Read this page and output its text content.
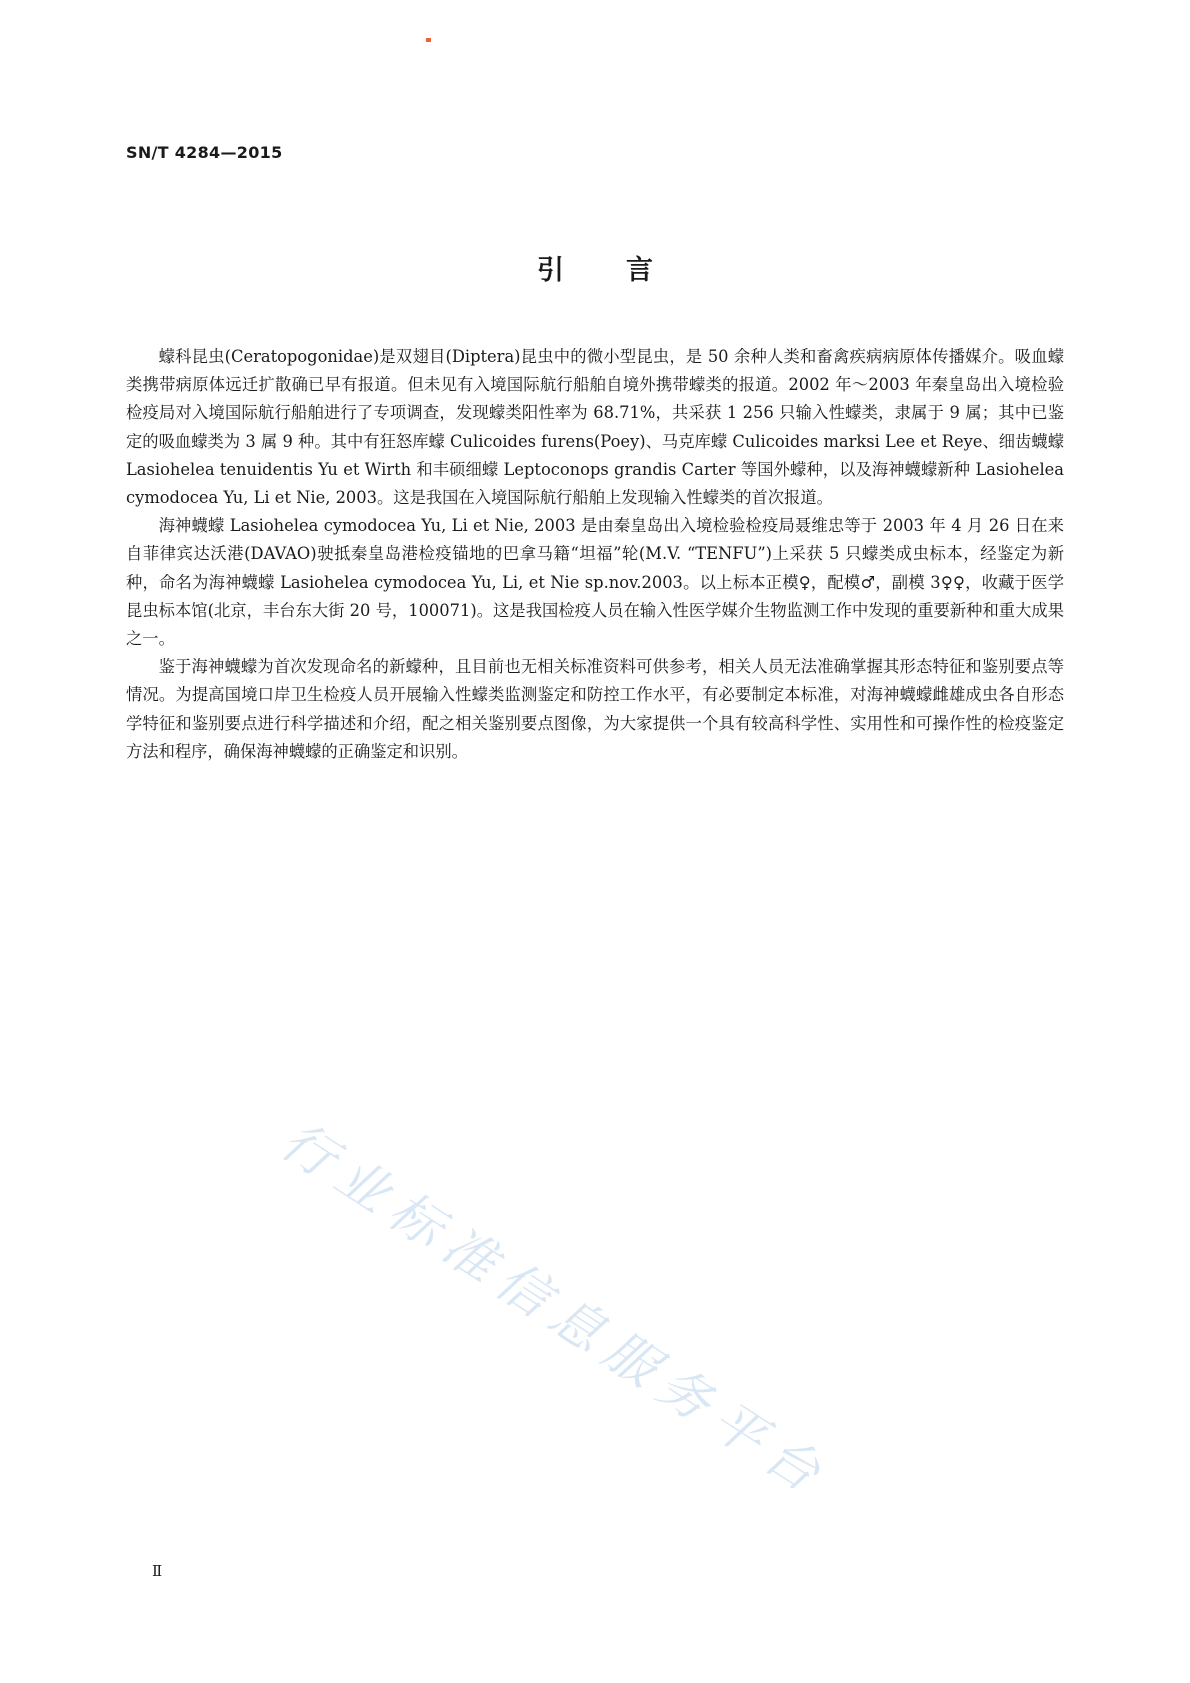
SN/T 4284—2015
引言

蠓科昆虫(Ceratopogonidae)是双翅目(Diptera)昆虫中的微小型昆虫，是 50 余种人类和畜禽疾病病原体传播媒介。吸血蠓类携带病原体远迁扩散确已早有报道。但未见有入境国际航行船舶自境外携带蠓类的报道。2002 年～2003 年秦皇岛出入境检验检疫局对入境国际航行船舶进行了专项调查，发现蠓类阳性率为 68.71%，共采获 1 256 只输入性蠓类，隶属于 9 属；其中已鉴定的吸血蠓类为 3 属 9 种。其中有狂怒库蠓 Culicoides furens(Poey)、马克库蠓 Culicoides marksi Lee et Reye、细齿蠛蠓 Lasiohelea tenuidentis Yu et Wirth 和丰硕细蠓 Leptoconops grandis Carter 等国外蠓种，以及海神蠛蠓新种 Lasiohelea cymodocea Yu, Li et Nie, 2003。这是我国在入境国际航行船舶上发现输入性蠓类的首次报道。

海神蠛蠓 Lasiohelea cymodocea Yu, Li et Nie, 2003 是由秦皇岛出入境检验检疫局聂维忠等于 2003 年 4 月 26 日在来自菲律宾达沃港(DAVAO)驶抵秦皇岛港检疫锚地的巴拿马籍“坦福”轮(M.V. “TENFU”)上采获 5 只蠓类成虫标本，经鉴定为新种，命名为海神蠛蠓 Lasiohelea cymodocea Yu, Li, et Nie sp.nov.2003。以上标本正模♀，配模♂，副模 3♀♀，收藏于医学昆虫标本馆(北京，丰台东大街 20 号，100071)。这是我国检疫人员在输入性医学媒介生物监测工作中发现的重要新种和重大成果之一。

鉴于海神蠛蠓为首次发现命名的新蠓种，且目前也无相关标准资料可供参考，相关人员无法准确掌握其形态特征和鉴别要点等情况。为提高国境口岸卫生检疫人员开展输入性蠓类监测鉴定和防控工作水平，有必要制定本标准，对海神蠛蠓雌雄成虫各自形态学特征和鉴别要点进行科学描述和介绍，配之相关鉴别要点图像，为大家提供一个具有较高科学性、实用性和可操作性的检疫鉴定方法和程序，确保海神蠛蠓的正确鉴定和识别。

行业标准信息服务平台
Ⅱ
